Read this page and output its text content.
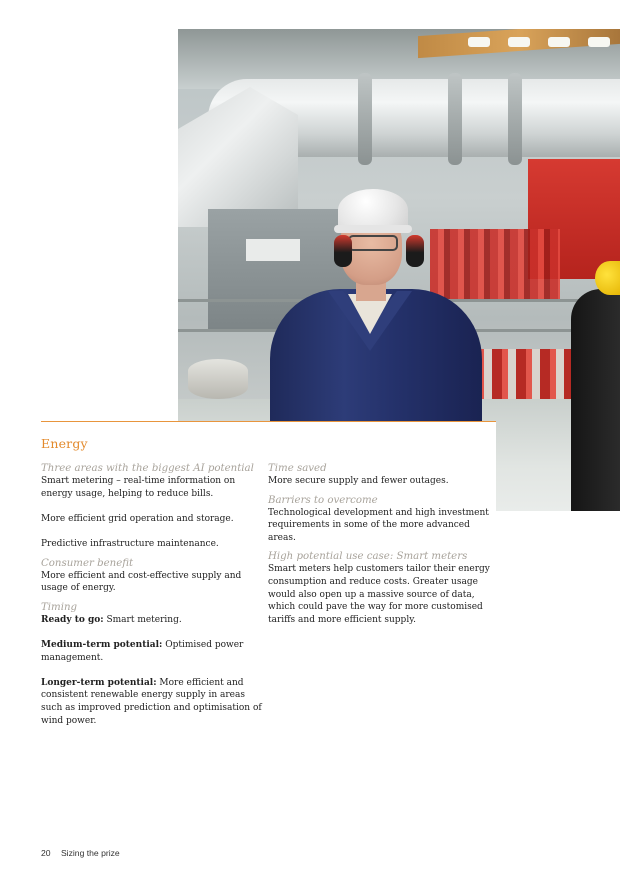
Energy

Three areas with the biggest AI potential

Smart metering – real-time information on energy usage, helping to reduce bills.

More efficient grid operation and storage.

Predictive infrastructure maintenance.

Consumer benefit

More efficient and cost-effective supply and usage of energy.

Timing

Ready to go: Smart metering.

Medium-term potential: Optimised power management.

Longer-term potential: More efficient and consistent renewable energy supply in areas such as improved prediction and optimisation of wind power.

Time saved

More secure supply and fewer outages.

Barriers to overcome

Technological development and high investment requirements in some of the more advanced areas.

High potential use case: Smart meters

Smart meters help customers tailor their energy consumption and reduce costs. Greater usage would also open up a massive source of data, which could pave the way for more customised tariffs and more efficient supply.

20 Sizing the prize
